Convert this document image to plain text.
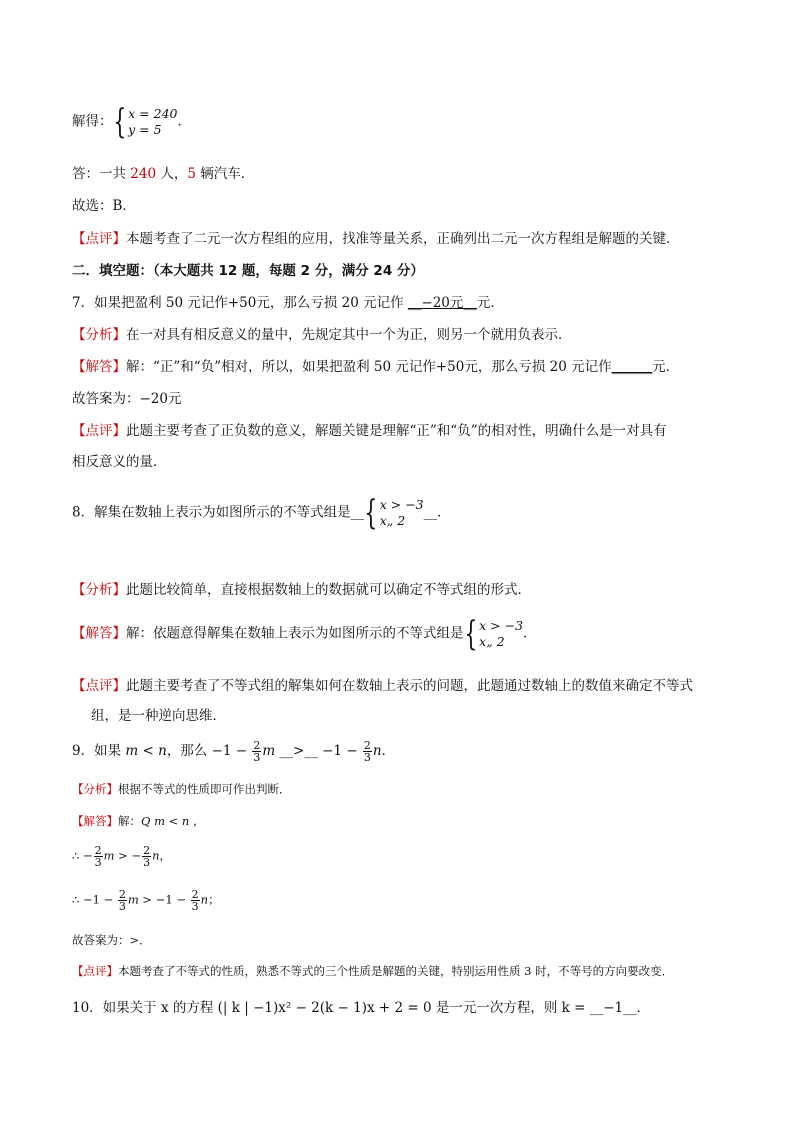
解得：{ x = 240
y = 5	．
答：一共 240 人，5 辆汽车．
故选：B．
【点评】本题考查了二元一次方程组的应用，找准等量关系，正确列出二元一次方程组是解题的关键．
二．填空题：（本大题共 12 题，每题 2 分，满分 24 分）
7．如果把盈利 50 元记作+50元，那么亏损 20 元记作 __−20元__元．
【分析】在一对具有相反意义的量中，先规定其中一个为正，则另一个就用负表示．
【解答】解：“正”和“负”相对，所以，如果把盈利 50 元记作+50元，那么亏损 20 元记作______元．
故答案为：−20元
【点评】此题主要考查了正负数的意义，解题关键是理解“正”和“负”的相对性，明确什么是一对具有
相反意义的量．
8．解集在数轴上表示为如图所示的不等式组是__{ x > −3
x„ 2	__．
【分析】此题比较简单，直接根据数轴上的数据就可以确定不等式组的形式．
【解答】解：依题意得解集在数轴上表示为如图所示的不等式组是{ x > −3
x„ 2	．
【点评】此题主要考查了不等式组的解集如何在数轴上表示的问题，此题通过数轴上的数值来确定不等式
组，是一种逆向思维．
9．如果 m < n，那么 $-1 - \frac{2}{3}$ m __>__ $-1 - \frac{2}{3}$ n．
【分析】根据不等式的性质即可作出判断．
【解答】解：Q m < n ，
∴ − $\frac{2}{3}$ m > − $\frac{2}{3}$ n，
∴ $-1 - \frac{2}{3}$ $m > -1 - \frac{2}{3}$ n；
故答案为：>．
【点评】本题考查了不等式的性质，熟悉不等式的三个性质是解题的关键，特别运用性质 3 时，不等号的方向要改变．
10．如果关于 x 的方程 (| k | −1)x² − 2(k − 1)x + 2 = 0 是一元一次方程，则 k = __−1__．
